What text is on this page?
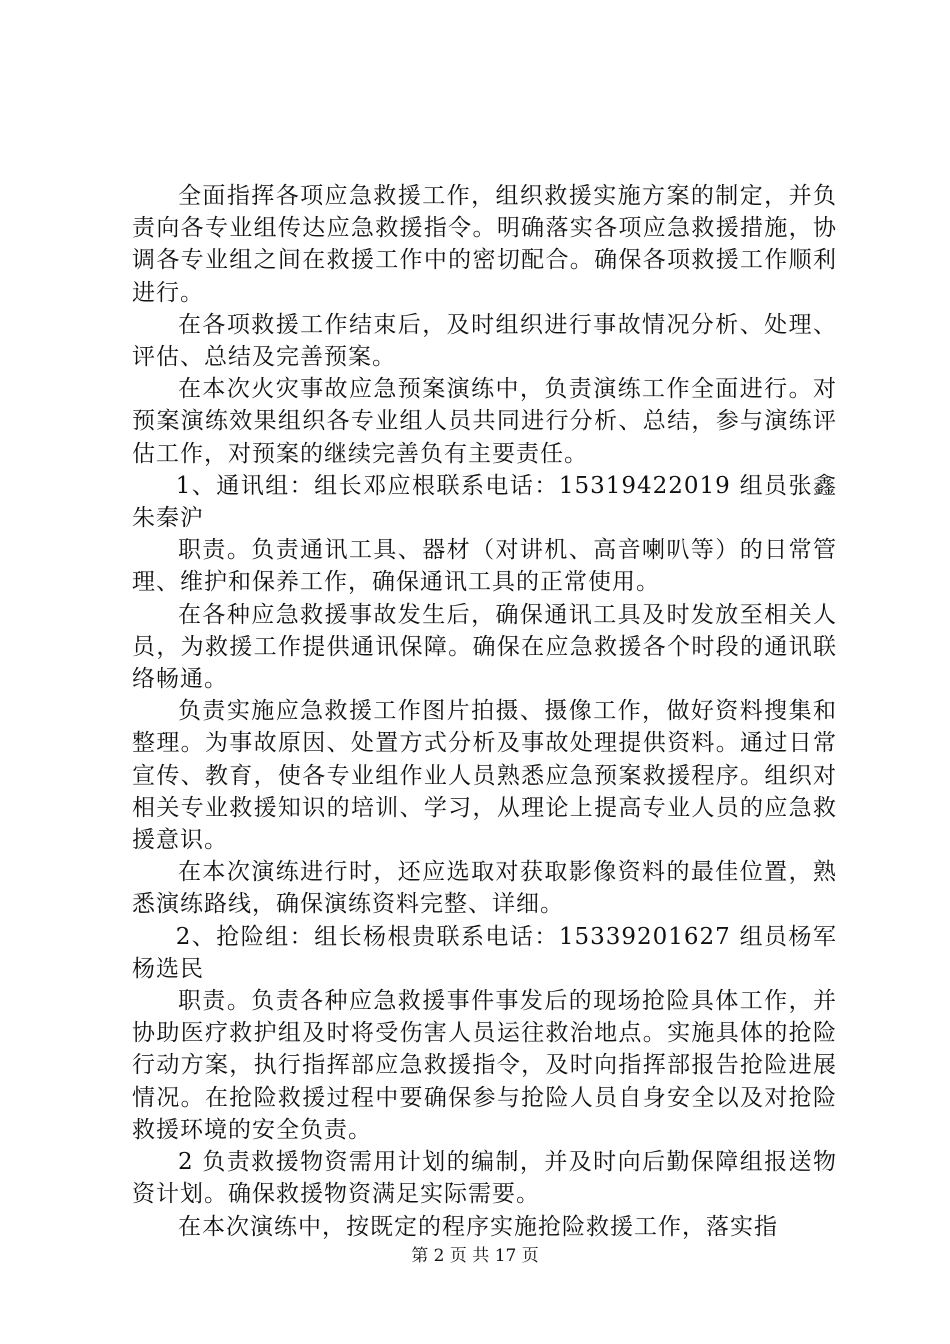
全面指挥各项应急救援工作，组织救援实施方案的制定，并负责向各专业组传达应急救援指令。明确落实各项应急救援措施，协调各专业组之间在救援工作中的密切配合。确保各项救援工作顺利进行。

在各项救援工作结束后，及时组织进行事故情况分析、处理、评估、总结及完善预案。

在本次火灾事故应急预案演练中，负责演练工作全面进行。对预案演练效果组织各专业组人员共同进行分析、总结，参与演练评估工作，对预案的继续完善负有主要责任。

1、通讯组：组长邓应根联系电话：15319422019 组员张鑫朱秦沪

职责。负责通讯工具、器材（对讲机、高音喇叭等）的日常管理、维护和保养工作，确保通讯工具的正常使用。

在各种应急救援事故发生后，确保通讯工具及时发放至相关人员，为救援工作提供通讯保障。确保在应急救援各个时段的通讯联络畅通。

负责实施应急救援工作图片拍摄、摄像工作，做好资料搜集和整理。为事故原因、处置方式分析及事故处理提供资料。通过日常宣传、教育，使各专业组作业人员熟悉应急预案救援程序。组织对相关专业救援知识的培训、学习，从理论上提高专业人员的应急救援意识。

在本次演练进行时，还应选取对获取影像资料的最佳位置，熟悉演练路线，确保演练资料完整、详细。

2、抢险组：组长杨根贵联系电话：15339201627 组员杨军杨选民

职责。负责各种应急救援事件事发后的现场抢险具体工作，并协助医疗救护组及时将受伤害人员运往救治地点。实施具体的抢险行动方案，执行指挥部应急救援指令，及时向指挥部报告抢险进展情况。在抢险救援过程中要确保参与抢险人员自身安全以及对抢险救援环境的安全负责。

2 负责救援物资需用计划的编制，并及时向后勤保障组报送物资计划。确保救援物资满足实际需要。

在本次演练中，按既定的程序实施抢险救援工作，落实指

第 2 页 共 17 页
